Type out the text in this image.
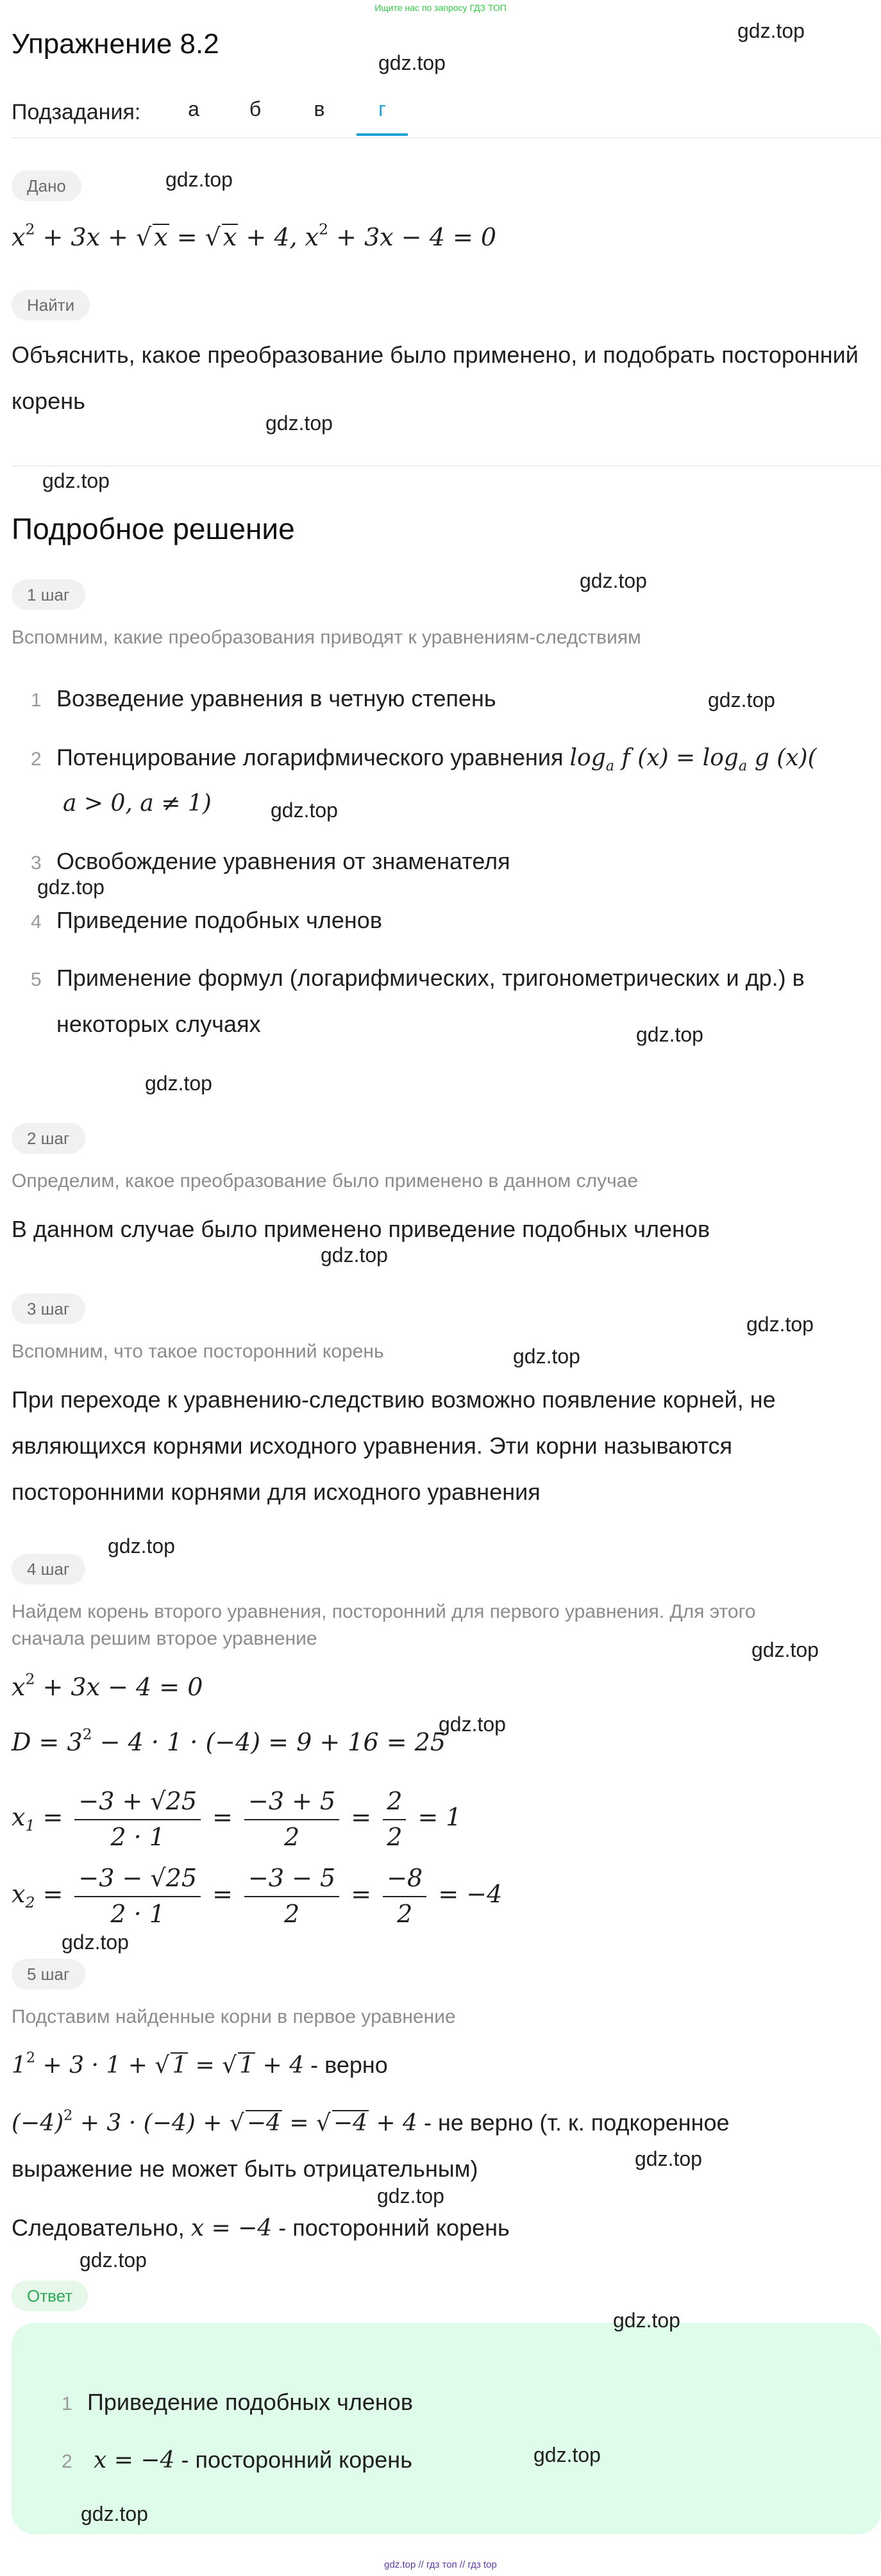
Ищите нас по запросу ГДЗ ТОП
Упражнение 8.2
Подзадания:	а	б	в	г
Дано
$x^2 + 3x$ + √ x = √ x + 4, $x^2 + 3x - 4 = 0$
Найти
Объяснить, какое преобразование было применено, и подобрать посторонний
корень
Подробное решение
1 шаг
Вспомним, какие преобразования приводят к уравнениям-следствиям
1 Возведение уравнения в четную степень
2 Потенцирование логарифмического уравнения $\log_a f$ $(x) = \log_a g$ (x)(
a > 0, a ≠ 1)
3 Освобождение уравнения от знаменателя
4 Приведение подобных членов
5 Применение формул (логарифмических, тригонометрических и др.) в
некоторых случаях
2 шаг
Определим, какое преобразование было применено в данном случае
В данном случае было применено приведение подобных членов
3 шаг
Вспомним, что такое посторонний корень
При переходе к уравнению-следствию возможно появление корней, не
являющихся корнями исходного уравнения. Эти корни называются
посторонними корнями для исходного уравнения
4 шаг
Найдем корень второго уравнения, посторонний для первого уравнения. Для этого
сначала решим второе уравнение
$x^2 + 3x - 4 = 0$
$D = 3^2 - 4 \cdot 1 \cdot (-4) = 9 + 16 = 25$
$x_1 = \frac{-3 + √25}{2 \cdot 1} = \frac{-3 + 5}{2} = \frac{2}{2} = 1$
$x_2 = \frac{-3 - √25}{2 \cdot 1} = \frac{-3 - 5}{2} = \frac{-8}{2} = -4$
5 шаг
Подставим найденные корни в первое уравнение
$1^2 + 3 \cdot 1$ + √ 1 = √ 1 + 4 - верно
$(-4)^2 + 3 \cdot (-4)$ + √ −4 = √ −4 + 4 - не верно (т. к. подкоренное
выражение не может быть отрицательным)
Следовательно, x = −4 - посторонний корень
Ответ
1 Приведение подобных членов
2 x = −4 - посторонний корень
gdz.top
gdz.top
gdz.top
gdz.top
gdz.top
gdz.top
gdz.top
gdz.top
gdz.top
gdz.top
gdz.top
gdz.top
gdz.top
gdz.top
gdz.top
gdz.top
gdz.top
gdz.top
gdz.top
gdz.top
gdz.top
gdz.top
gdz.top
gdz.top
gdz.top // гдз топ // гдз top
